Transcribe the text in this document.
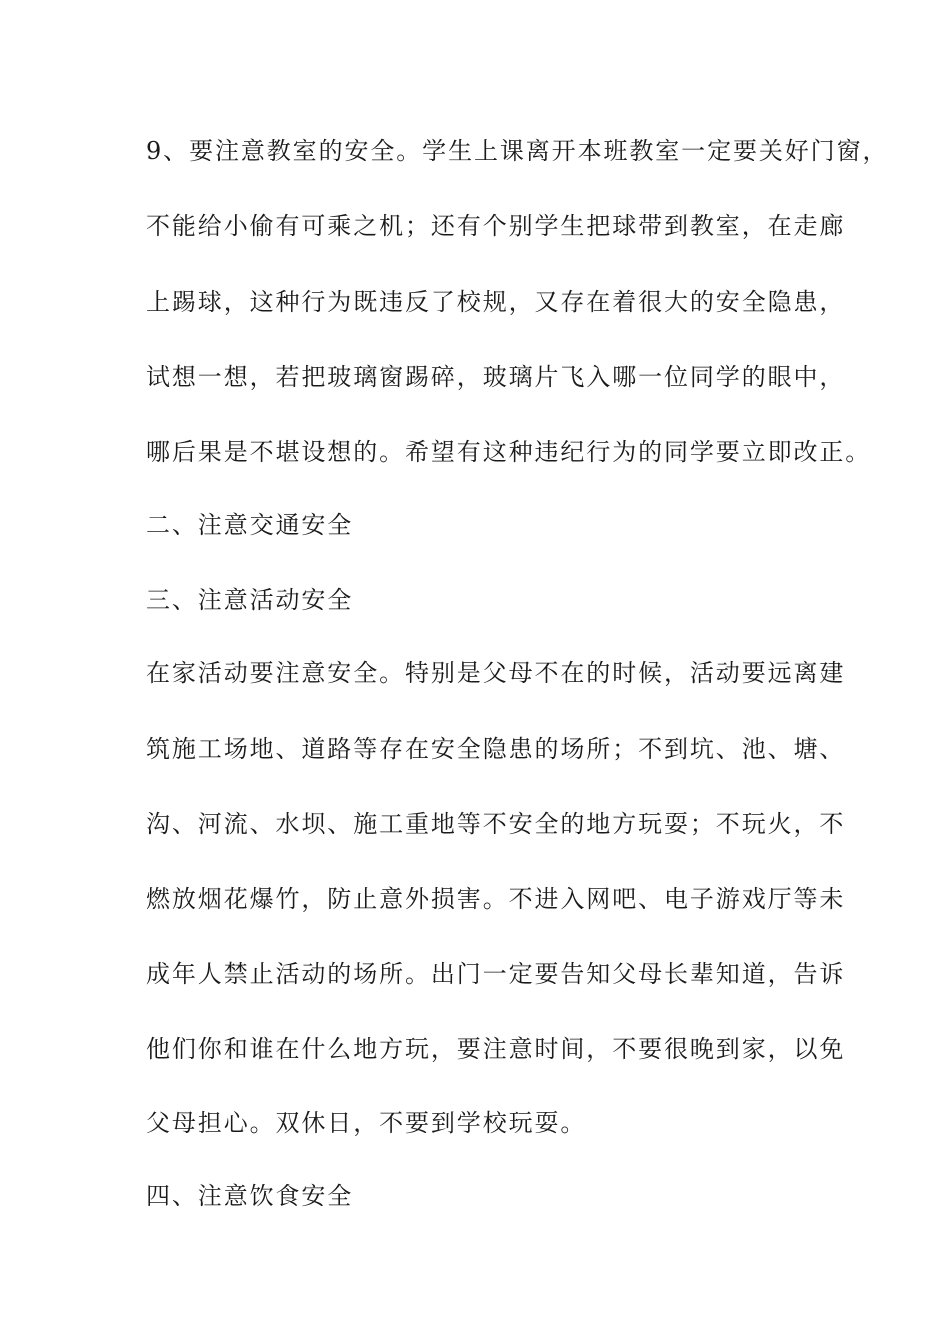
9、要注意教室的安全。学生上课离开本班教室一定要关好门窗，
不能给小偷有可乘之机；还有个别学生把球带到教室，在走廊
上踢球，这种行为既违反了校规，又存在着很大的安全隐患，
试想一想，若把玻璃窗踢碎，玻璃片飞入哪一位同学的眼中，
哪后果是不堪设想的。希望有这种违纪行为的同学要立即改正。
二、注意交通安全
三、注意活动安全
在家活动要注意安全。特别是父母不在的时候，活动要远离建
筑施工场地、道路等存在安全隐患的场所；不到坑、池、塘、
沟、河流、水坝、施工重地等不安全的地方玩耍；不玩火，不
燃放烟花爆竹，防止意外损害。不进入网吧、电子游戏厅等未
成年人禁止活动的场所。出门一定要告知父母长辈知道，告诉
他们你和谁在什么地方玩，要注意时间，不要很晚到家，以免
父母担心。双休日，不要到学校玩耍。
四、注意饮食安全
